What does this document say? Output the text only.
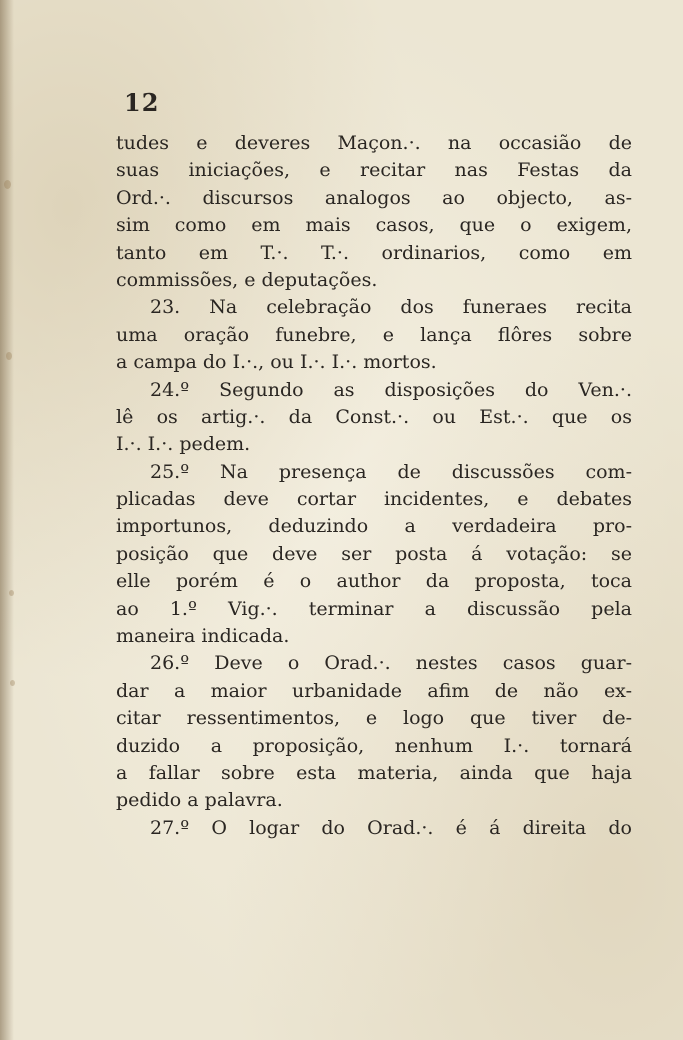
12
tudes e deveres Maçon.·. na occasião de
suas iniciações, e recitar nas Festas da
Ord.·. discursos analogos ao objecto, as-
sim como em mais casos, que o exigem,
tanto em T.·. T.·. ordinarios, como em
commissões, e deputações.
23. Na celebração dos funeraes recita
uma oração funebre, e lança flôres sobre
a campa do I.·., ou I.·. I.·. mortos.
24.º Segundo as disposições do Ven.·.
lê os artig.·. da Const.·. ou Est.·. que os
I.·. I.·. pedem.
25.º Na presença de discussões com-
plicadas deve cortar incidentes, e debates
importunos, deduzindo a verdadeira pro-
posição que deve ser posta á votação: se
elle porém é o author da proposta, toca
ao 1.º Vig.·. terminar a discussão pela
maneira indicada.
26.º Deve o Orad.·. nestes casos guar-
dar a maior urbanidade afim de não ex-
citar ressentimentos, e logo que tiver de-
duzido a proposição, nenhum I.·. tornará
a fallar sobre esta materia, ainda que haja
pedido a palavra.
27.º O logar do Orad.·. é á direita do
